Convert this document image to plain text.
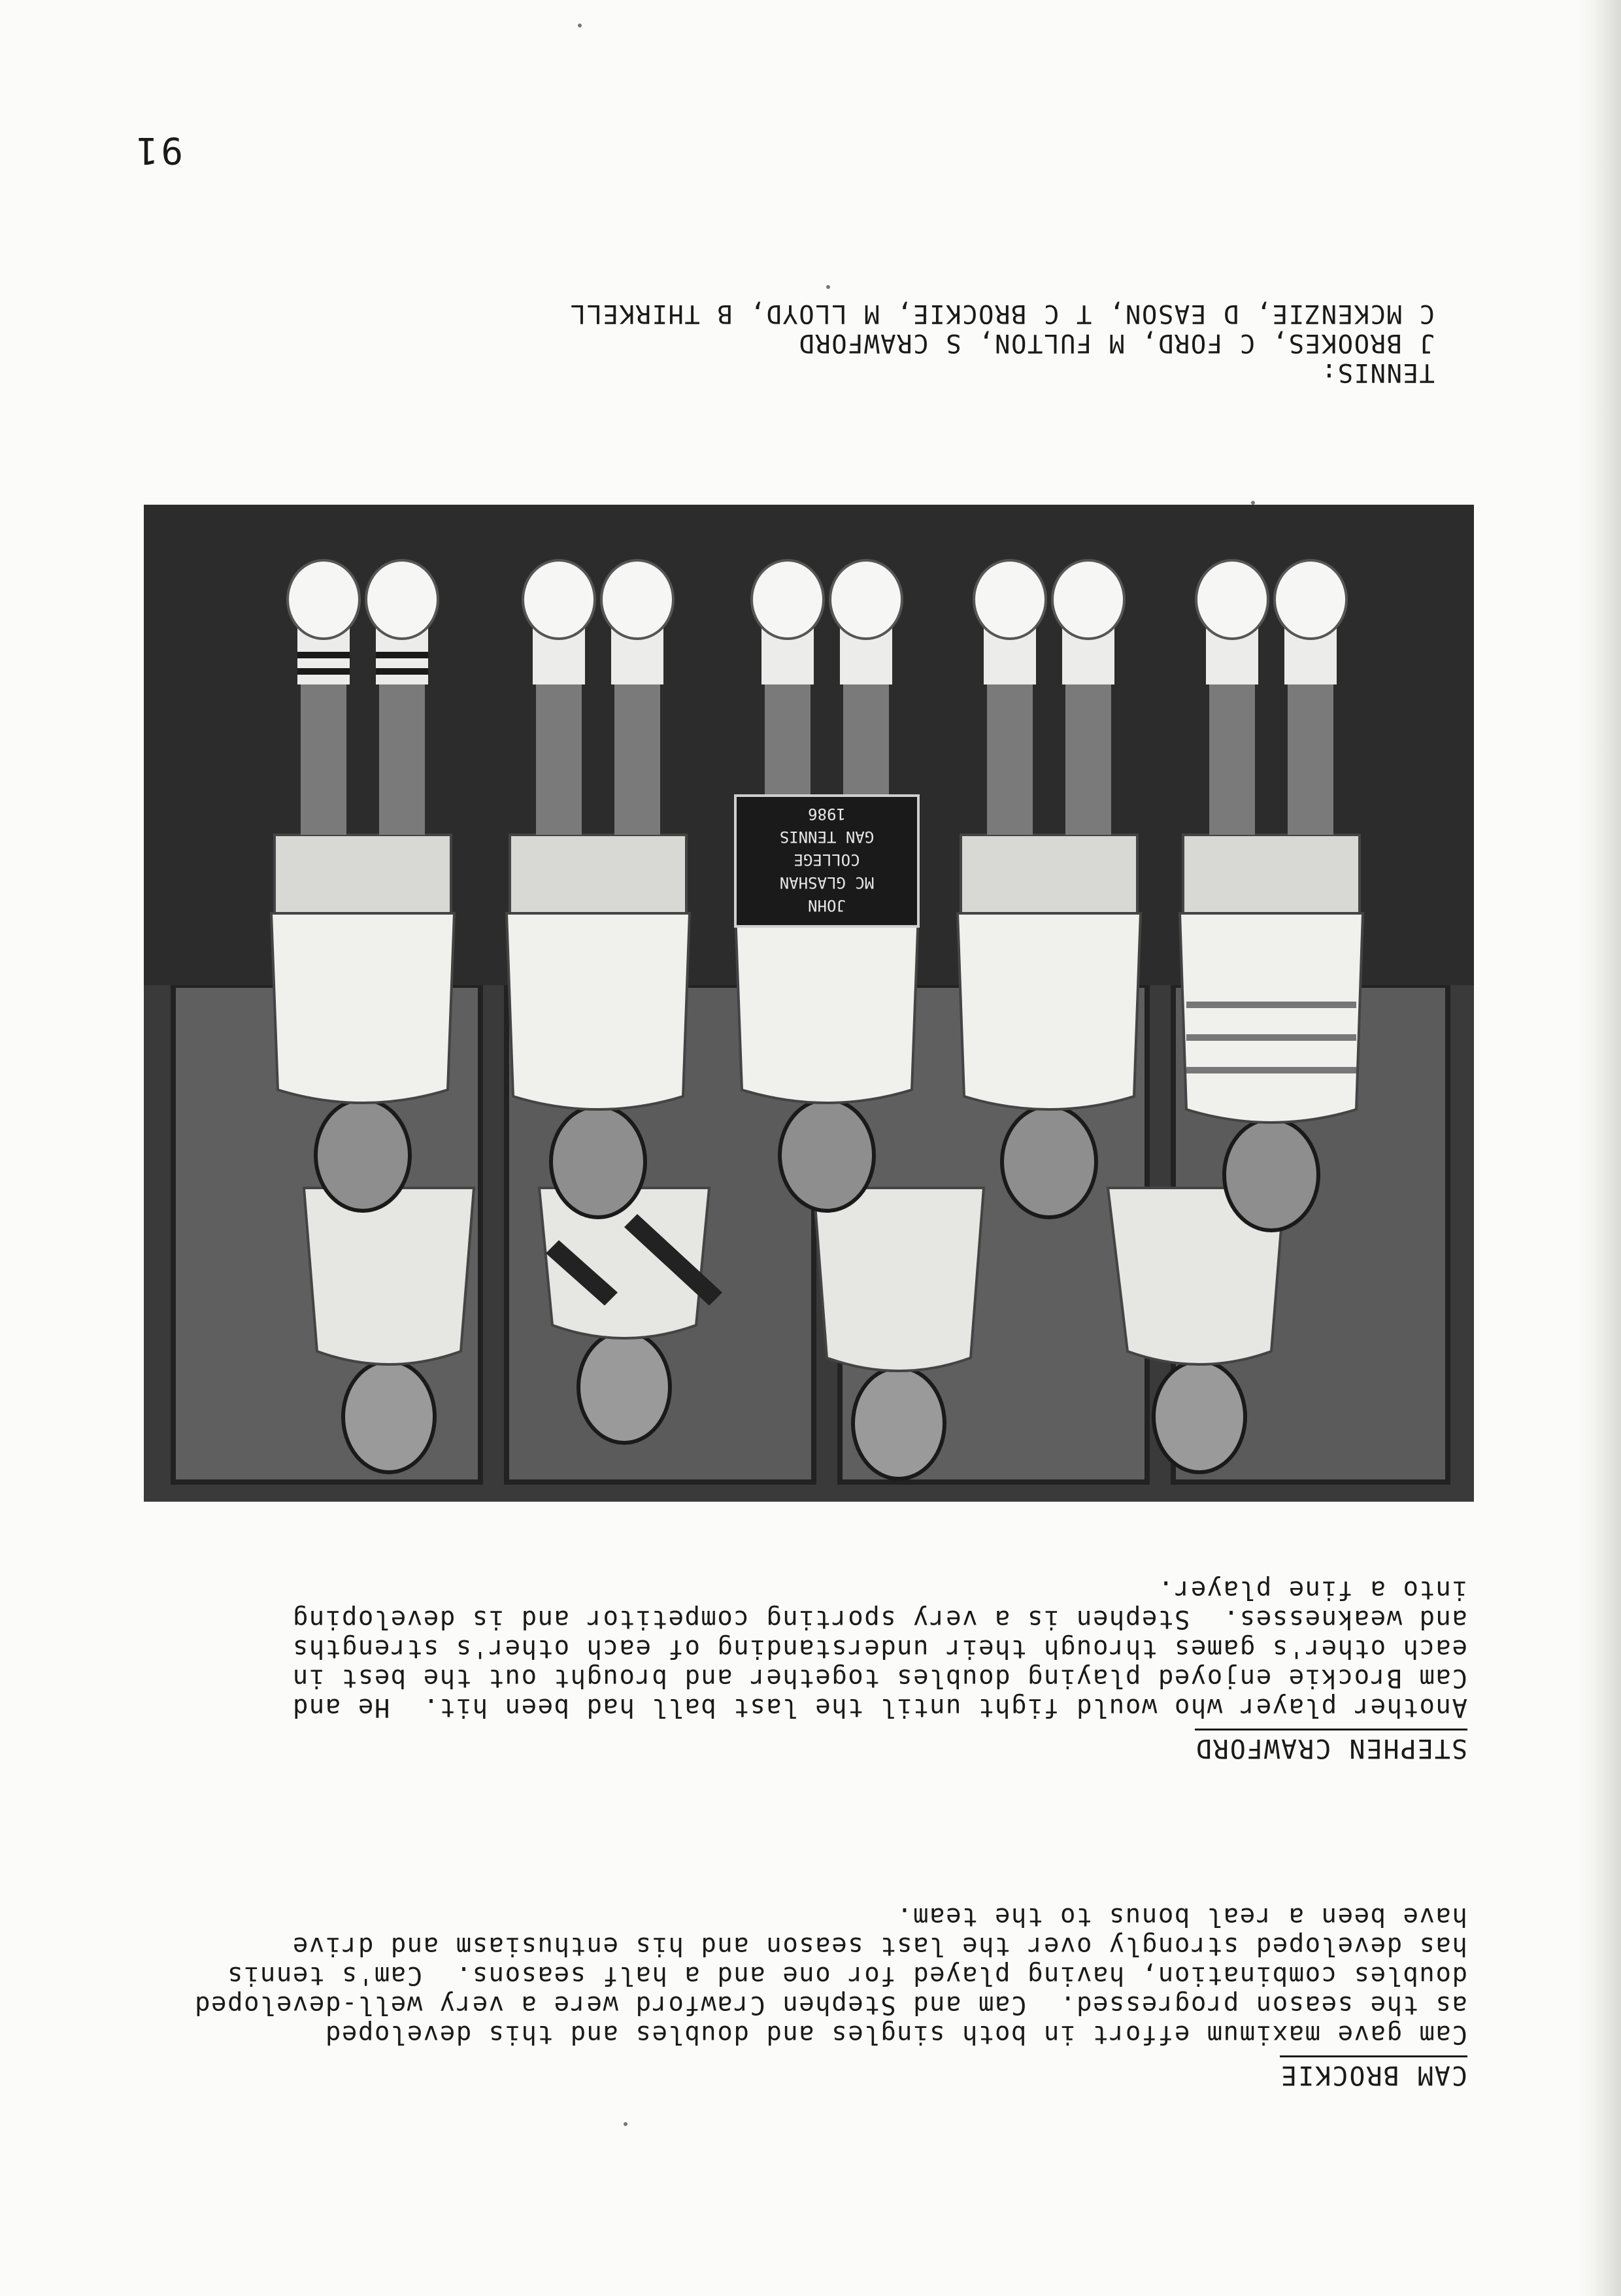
91
CAM BROCKIE

Cam gave maximum effort in both singles and doubles and this developed

as the season progressed.  Cam and Stephen Crawford were a very well-developed

doubles combination, having played for one and a half seasons.  Cam's tennis

has developed strongly over the last season and his enthusiasm and drive

have been a real bonus to the team.

STEPHEN CRAWFORD

Another player who would fight until the last ball had been hit.  He and

Cam Brockie enjoyed playing doubles together and brought out the best in

each other's games through their understanding of each other's strengths

and weaknesses.  Stephen is a very sporting competitor and is developing

into a fine player.

JOHN
MC GLASHAN
COLLEGE
GAN TENNIS
1986

TENNIS:

J BROOKES, C FORD, M FULTON, S CRAWFORD

C MCKENZIE, D EASON, T C BROCKIE, M LLOYD, B THIRKELL
